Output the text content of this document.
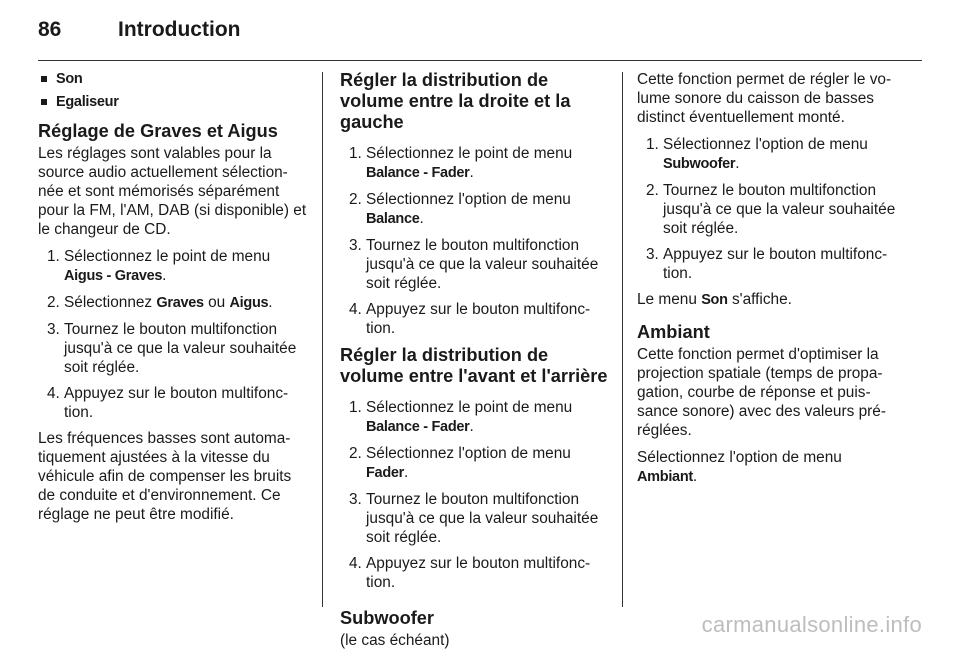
86	Introduction
Son
Egaliseur
Réglage de Graves et Aigus

Les réglages sont valables pour la source audio actuellement sélection-née et sont mémorisés séparément pour la FM, l'AM, DAB (si disponible) et le changeur de CD.

1. Sélectionnez le point de menu
Aigus - Graves.
2. Sélectionnez Graves ou Aigus.
3. Tournez le bouton multifonction jusqu'à ce que la valeur souhaitée soit réglée.
4. Appuyez sur le bouton multifonc-tion.

Les fréquences basses sont automa-tiquement ajustées à la vitesse du véhicule afin de compenser les bruits de conduite et d'environnement. Ce réglage ne peut être modifié.

Régler la distribution de volume entre la droite et la gauche
1. Sélectionnez le point de menu
Balance - Fader.
2. Sélectionnez l'option de menu
Balance.
3. Tournez le bouton multifonction jusqu'à ce que la valeur souhaitée soit réglée.
4. Appuyez sur le bouton multifonc-tion.
Régler la distribution de volume entre l'avant et l'arrière
1. Sélectionnez le point de menu
Balance - Fader.
2. Sélectionnez l'option de menu
Fader.
3. Tournez le bouton multifonction jusqu'à ce que la valeur souhaitée soit réglée.
4. Appuyez sur le bouton multifonc-tion.
Subwoofer

(le cas échéant)

Cette fonction permet de régler le vo-lume sonore du caisson de basses distinct éventuellement monté.

1. Sélectionnez l'option de menu
Subwoofer.
2. Tournez le bouton multifonction jusqu'à ce que la valeur souhaitée soit réglée.
3. Appuyez sur le bouton multifonc-tion.

Le menu Son s'affiche.

Ambiant

Cette fonction permet d'optimiser la projection spatiale (temps de propa-gation, courbe de réponse et puis-sance sonore) avec des valeurs pré-réglées.

Sélectionnez l'option de menu
Ambiant.

carmanualsonline.info
